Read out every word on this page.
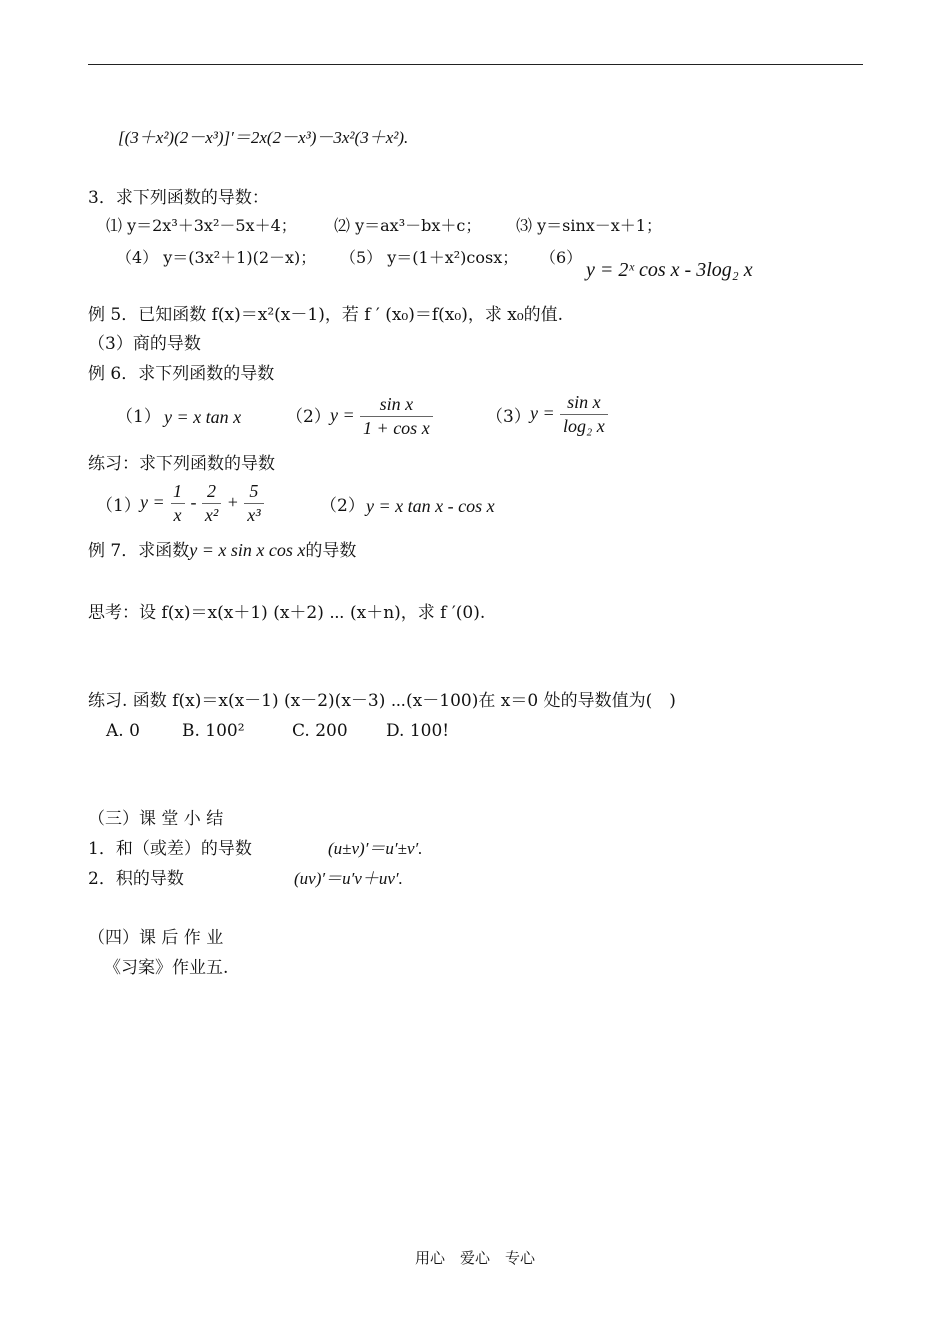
[(3＋x²)(2－x³)]′＝2x(2－x³)－3x²(3＋x²).
3．求下列函数的导数：
⑴ y＝2x³＋3x²－5x＋4； ⑵ y＝ax³－bx＋c； ⑶ y＝sinx－x＋1；
（4） y＝(3x²＋1)(2－x)； （5） y＝(1＋x²)cosx； （6）
y = 2ˣ cos x - 3log₂ x
例 5．已知函数 f(x)＝x²(x－1)，若 f ′ (x₀)＝f(x₀)，求 x₀的值.
（3）商的导数
例 6．求下列函数的导数
（1） y = x tan x	（2） $y = \frac{\text{sin x}}{\text{1 + cos x}}$	（3） $y = \frac{\text{sin x}}{\text{log₂ x}}$
练习：求下列函数的导数
（1） $y = \frac{1}{x} - \frac{2}{\text{x²}} + \frac{5}{\text{x³}}$	（2） y = x tan x - cos x
例 7．求函数y = x sin x cos x的导数
思考：设 f(x)＝x(x＋1) (x＋2) ⋯ (x＋n)，求 f ′(0).
练习. 函数 f(x)＝x(x－1) (x－2)(x－3) ⋯(x－100)在 x＝0 处的导数值为(　)
A. 0 B. 100²	C. 200 D. 100!
（三）课 堂 小 结
1．和（或差）的导数	(u±v)′＝u′±v′.
2．积的导数	(uv)′＝u′v＋uv′.
（四）课 后 作 业
《习案》作业五.
用心　爱心　专心
